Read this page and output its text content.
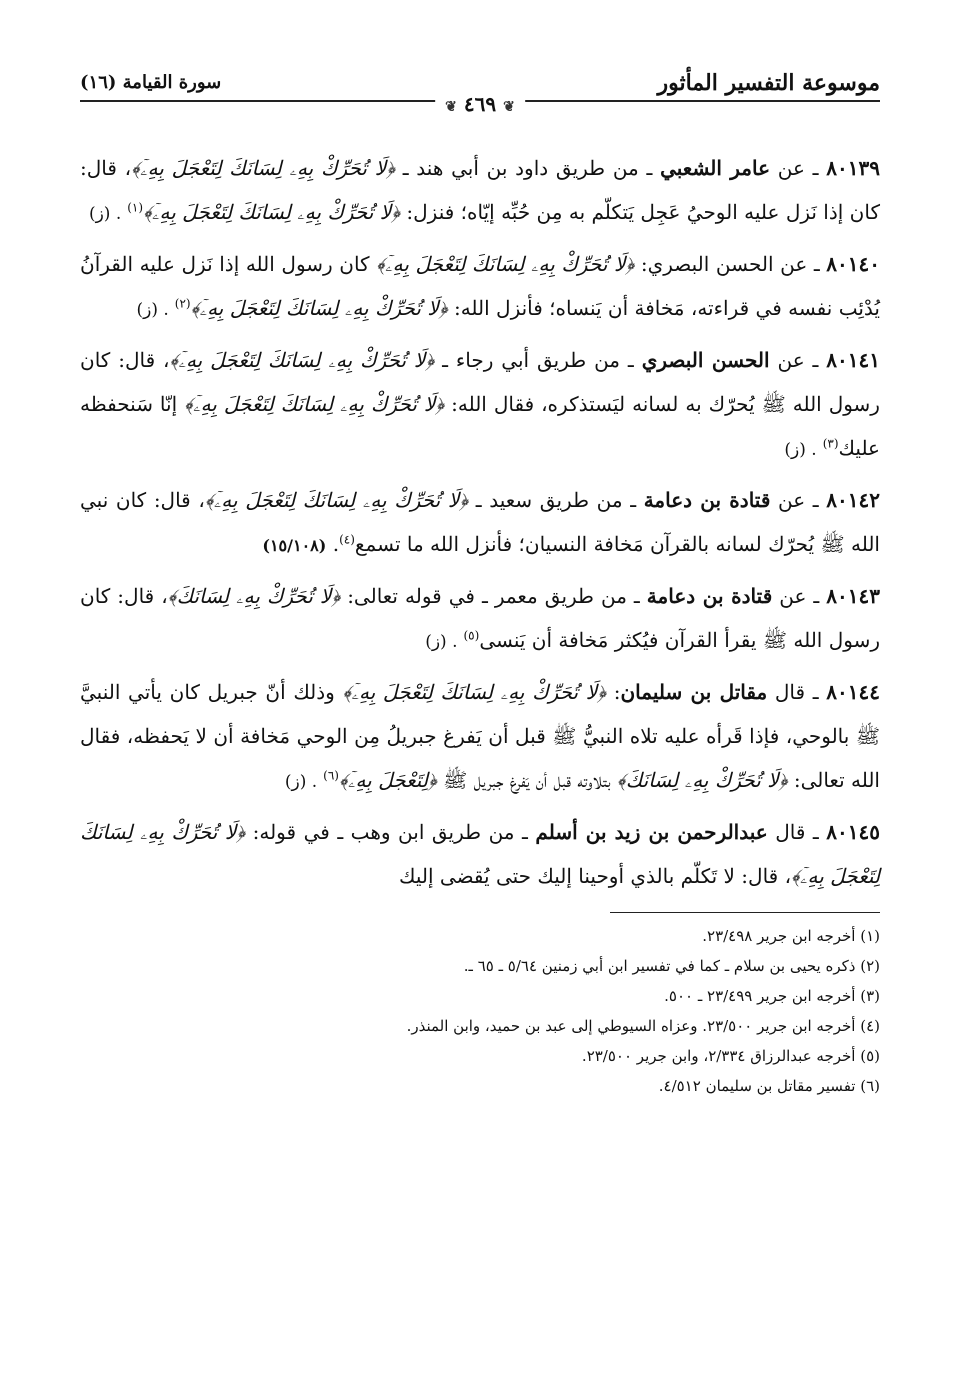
موسوعة التفسير المأثور
سورة القيامة (١٦)
❦ ٤٦٩ ❦

٨٠١٣٩ ـ عن عامر الشعبي ـ من طريق داود بن أبي هند ـ ﴿لَا تُحَرِّكْ بِهِۦ لِسَانَكَ لِتَعْجَلَ بِهِۦٓ﴾، قال: كان إذا نَزل عليه الوحيُ عَجِل يَتكلّم به مِن حُبِّه إيّاه؛ فنزل: ﴿لَا تُحَرِّكْ بِهِۦ لِسَانَكَ لِتَعْجَلَ بِهِۦٓ﴾$^{(١)}$. (ز)

٨٠١٤٠ ـ عن الحسن البصري: ﴿لَا تُحَرِّكْ بِهِۦ لِسَانَكَ لِتَعْجَلَ بِهِۦٓ﴾ كان رسول الله إذا نَزل عليه القرآنُ يُدْئِب نفسه في قراءته، مَخافة أن يَنساه؛ فأنزل الله: ﴿لَا تُحَرِّكْ بِهِۦ لِسَانَكَ لِتَعْجَلَ بِهِۦٓ﴾$^{(٢)}$. (ز)

٨٠١٤١ ـ عن الحسن البصري ـ من طريق أبي رجاء ـ ﴿لَا تُحَرِّكْ بِهِۦ لِسَانَكَ لِتَعْجَلَ بِهِۦٓ﴾، قال: كان رسول الله ﷺ يُحرّك به لسانه ليَستذكره، فقال الله: ﴿لَا تُحَرِّكْ بِهِۦ لِسَانَكَ لِتَعْجَلَ بِهِۦٓ﴾ إنّا سَنحفظه عليك$^{(٣)}$. (ز)

٨٠١٤٢ ـ عن قتادة بن دعامة ـ من طريق سعيد ـ ﴿لَا تُحَرِّكْ بِهِۦ لِسَانَكَ لِتَعْجَلَ بِهِۦٓ﴾، قال: كان نبي الله ﷺ يُحرّك لسانه بالقرآن مَخافة النسيان؛ فأنزل الله ما تسمع$^{(٤)}$. (١٥/١٠٨)

٨٠١٤٣ ـ عن قتادة بن دعامة ـ من طريق معمر ـ في قوله تعالى: ﴿لَا تُحَرِّكْ بِهِۦ لِسَانَكَ﴾، قال: كان رسول الله ﷺ يقرأ القرآن فيُكثر مَخافة أن يَنسى$^{(٥)}$. (ز)

٨٠١٤٤ ـ قال مقاتل بن سليمان: ﴿لَا تُحَرِّكْ بِهِۦ لِسَانَكَ لِتَعْجَلَ بِهِۦٓ﴾ وذلك أنّ جبريل كان يأتي النبيَّ ﷺ بالوحي، فإذا قَرأه عليه تلاه النبيُّ ﷺ قبل أن يَفرغ جبريلُ مِن الوحي مَخافة أن لا يَحفظه، فقال الله تعالى: ﴿لَا تُحَرِّكْ بِهِۦ لِسَانَكَ﴾ بتلاوته قبل أن يَفرغ جبريل ﷺ ﴿لِتَعْجَلَ بِهِۦٓ﴾$^{(٦)}$. (ز)

٨٠١٤٥ ـ قال عبدالرحمن بن زيد بن أسلم ـ من طريق ابن وهب ـ في قوله: ﴿لَا تُحَرِّكْ بِهِۦ لِسَانَكَ لِتَعْجَلَ بِهِۦٓ﴾، قال: لا تَكلّم بالذي أوحينا إليك حتى يُقضى إليك

(١) أخرجه ابن جرير ٢٣/٤٩٨.
(٢) ذكره يحيى بن سلام ـ كما في تفسير ابن أبي زمنين ٥/٦٤ ـ ٦٥ ـ.
(٣) أخرجه ابن جرير ٢٣/٤٩٩ ـ ٥٠٠.
(٤) أخرجه ابن جرير ٢٣/٥٠٠. وعزاه السيوطي إلى عبد بن حميد، وابن المنذر.
(٥) أخرجه عبدالرزاق ٢/٣٣٤، وابن جرير ٢٣/٥٠٠.
(٦) تفسير مقاتل بن سليمان ٤/٥١٢.
